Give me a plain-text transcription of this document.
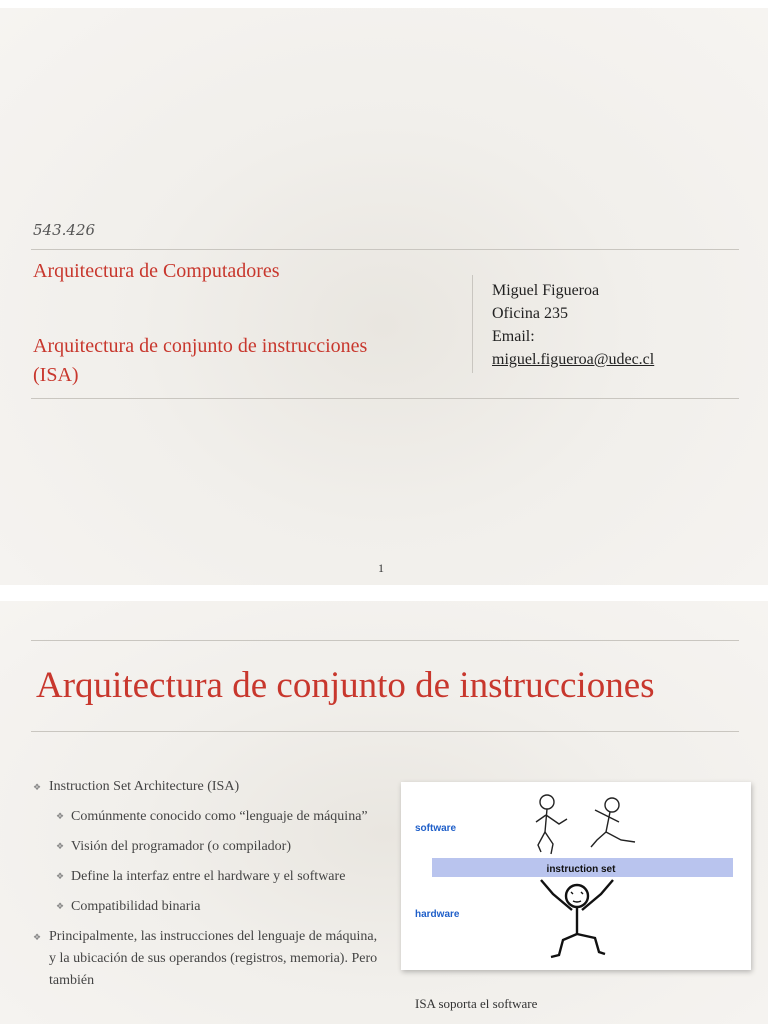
543.426
Arquitectura de Computadores
Arquitectura de conjunto de instrucciones (ISA)
Miguel Figueroa
Oficina 235
Email:
miguel.figueroa@udec.cl
1
Arquitectura de conjunto de instrucciones
❖ Instruction Set Architecture (ISA)
❖ Comúnmente conocido como “lenguaje de máquina”
❖ Visión del programador (o compilador)
❖ Define la interfaz entre el hardware y el software
❖ Compatibilidad binaria
❖ Principalmente, las instrucciones del lenguaje de máquina, y la ubicación de sus operandos (registros, memoria). Pero también
instruction set
software
hardware
ISA soporta el software
